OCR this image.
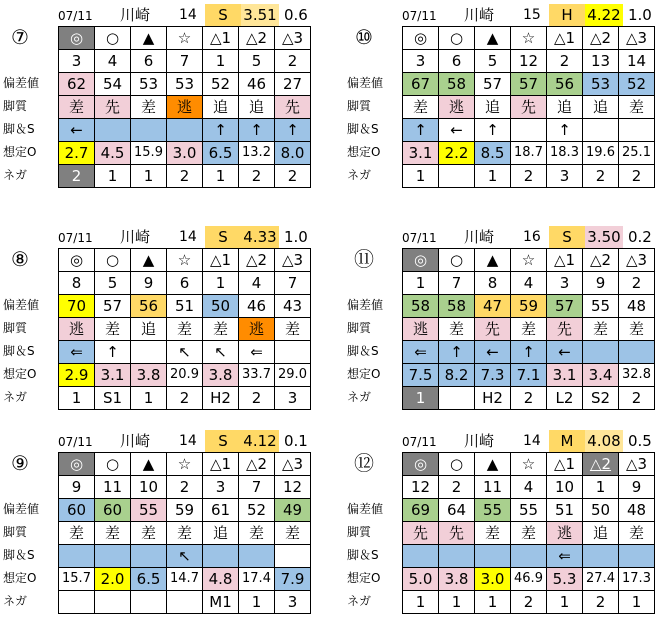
07/11 川崎 14	S	3.51 0.6
⑦
偏差値
脚質
脚＆S
想定O
ネガ
◎	○	▲	☆	△1	△2	△3
3	4	6	7	1	5	2
62	54	53	53	52	46	27
差	先	差	逃	追	追	先
←				↑	↑	↑
2.7	4.5	15.9	3.0	6.5	13.2	8.0
2	1	1	2	1	2	2
07/11 川崎 15	H 4.22 1.0
⑩
偏差値
脚質
脚＆S
想定O
ネガ
◎	○	▲	☆	△1	△2	△3
3	6	5	12	2	13	14
67	58	57	57	56	53	52
差	逃	追	先	追	追	差
↑	←	↑		↑		
3.1	2.2	8.5	18.7	18.3	19.6	25.1
1		1	2	3	2	2
07/11 川崎 14	S	4.33 1.0
⑧
偏差値
脚質
脚＆S
想定O
ネガ
◎	○	▲	☆	△1	△2	△3
8	5	9	6	1	4	7
70	57	56	51	50	46	43
逃	差	追	差	差	逃	差
⇐	↑		↖	↖	⇐	
2.9	3.1	3.8	20.9	3.8	33.7	29.0
1	S1	1	2	H2	2	3
07/11 川崎 16	S	3.50 0.2
⑪
偏差値
脚質
脚＆S
想定O
ネガ
◎	○	▲	☆	△1	△2	△3
1	7	8	4	3	9	2
58	58	47	59	57	55	48
逃	差	先	差	先	差	差
⇐	↑	←	↑	←		
7.5	8.2	7.3	7.1	3.1	3.4	32.8
1		H2	2	L2	S2	2
07/11 川崎 14	S	4.12 0.1
⑨
偏差値
脚質
脚＆S
想定O
ネガ
◎	○	▲	☆	△1	△2	△3
9	11	10	2	3	7	12
60	60	55	59	61	52	49
差	差	差	差	追	差	差
			↖			
15.7	2.0	6.5	14.7	4.8	17.4	7.9
				M1	1	3
07/11 川崎 14	M 4.08 0.5
⑫
偏差値
脚質
脚＆S
想定O
ネガ
◎	○	▲	☆	△1	△2	△3
12	2	11	4	10	1	9
69	64	55	55	51	50	48
先	先	差	差	逃	追	差
				⇐		
5.0	3.8	3.0	46.9	5.3	27.4	17.3
1	1	1	2	1	2	1
